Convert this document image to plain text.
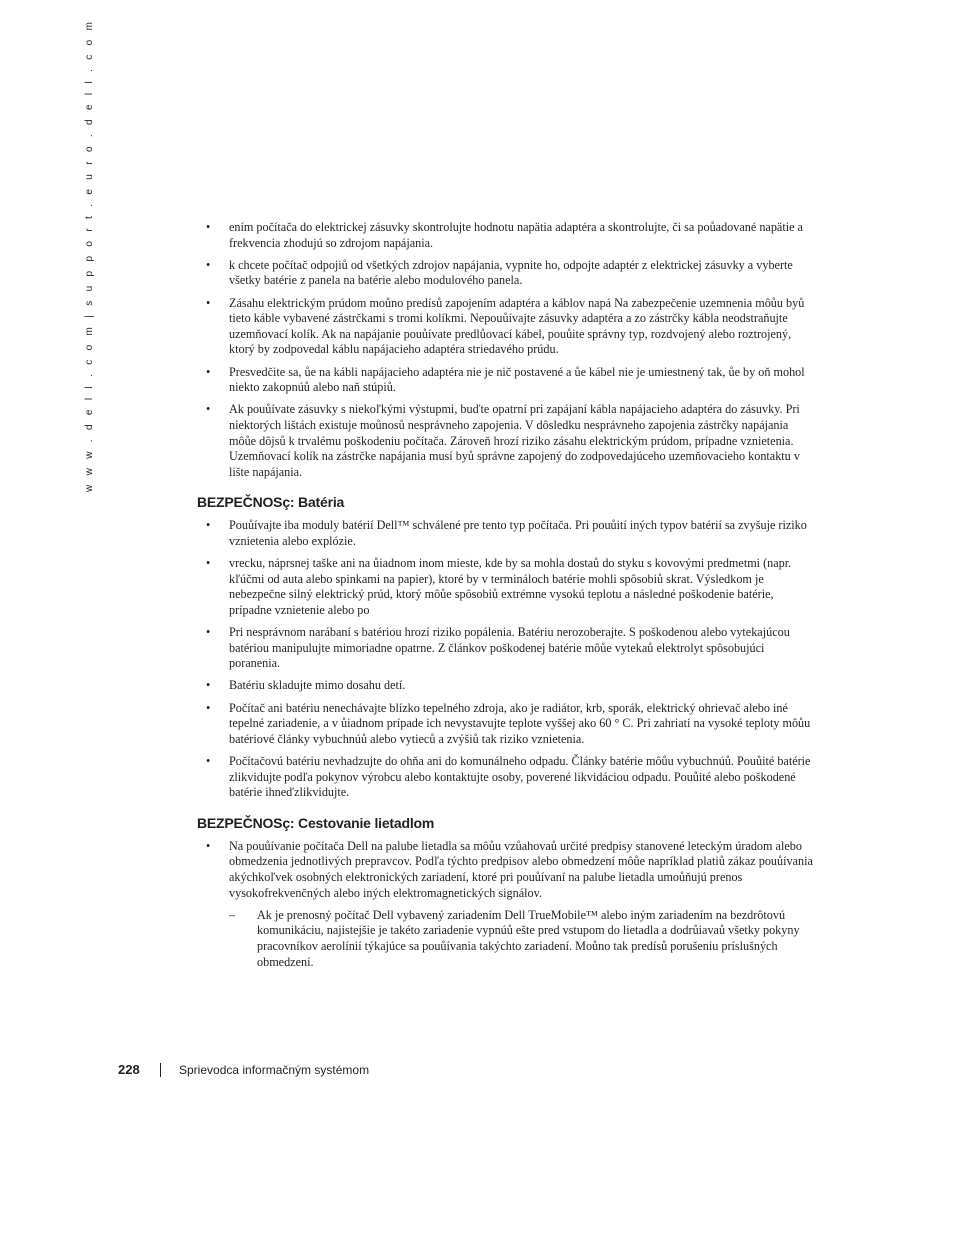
w w w . d e l l . c o m | s u p p o r t . e u r o . d e l l . c o m	• ením počítača do elektrickej zásuvky skontrolujte hodnotu napätia adaptéra a skontrolujte, či sa poůadované napätie a frekvencia zhodujú so zdrojom napájania.
• k chcete počítač odpojiů od všetkých zdrojov napájania, vypnite ho, odpojte adaptér z elektrickej zásuvky a vyberte všetky batérie z panela na batérie alebo modulového panela.
• Zásahu elektrickým prúdom moůno predísů zapojením adaptéra a káblov napá Na zabezpečenie uzemnenia môůu byů tieto káble vybavené zástrčkami s tromi kolíkmi. Nepouůívajte zásuvky adaptéra a zo zástrčky kábla neodstraňujte uzemňovací kolík. Ak na napájanie pouůívate predlůovací kábel, pouůite správny typ, rozdvojený alebo roztrojený, ktorý by zodpovedal káblu napájacieho adaptéra striedavého prúdu.
• Presvedčite sa, ůe na kábli napájacieho adaptéra nie je nič postavené a ůe kábel nie je umiestnený tak, ůe by oň mohol niekto zakopnúů alebo naň stúpiů.
• Ak pouůívate zásuvky s niekoľkými výstupmi, buďte opatrní pri zapájaní kábla napájacieho adaptéra do zásuvky. Pri niektorých lištách existuje moůnosů nesprávneho zapojenia. V dôsledku nesprávneho zapojenia zástrčky napájania môůe dôjsů k trvalému poškodeniu počítača. Zároveň hrozí riziko zásahu elektrickým prúdom, prípadne vznietenia. Uzemňovací kolík na zástrčke napájania musí byů správne zapojený do zodpovedajúceho uzemňovacieho kontaktu v lište napájania.
BEZPEČNOSç: Batéria
• Pouůívajte iba moduly batérií Dell™ schválené pre tento typ počítača. Pri pouůití iných typov batérií sa zvyšuje riziko vznietenia alebo explózie.
• vrecku, náprsnej taške ani na ůiadnom inom mieste, kde by sa mohla dostaů do styku s kovovými predmetmi (napr. kľúčmi od auta alebo spinkami na papier), ktoré by v termináloch batérie mohli spôsobiů skrat. Výsledkom je nebezpečne silný elektrický prúd, ktorý môůe spôsobiů extrémne vysokú teplotu a následné poškodenie batérie, prípadne vznietenie alebo po
• Pri nesprávnom narábaní s batériou hrozí riziko popálenia. Batériu nerozoberajte. S poškodenou alebo vytekajúcou batériou manipulujte mimoriadne opatrne. Z článkov poškodenej batérie môůe vytekaů elektrolyt spôsobujúci poranenia.
• Batériu skladujte mimo dosahu detí.
• Počítač ani batériu nenechávajte blízko tepelného zdroja, ako je radiátor, krb, sporák, elektrický ohrievač alebo iné tepelné zariadenie, a v ůiadnom prípade ich nevystavujte teplote vyššej ako 60 ° C. Pri zahriatí na vysoké teploty môůu batériové články vybuchnúů alebo vytieců a zvýšiů tak riziko vznietenia.
• Počítačovú batériu nevhadzujte do ohňa ani do komunálneho odpadu. Články batérie môůu vybuchnúů. Pouůité batérie zlikvidujte podľa pokynov výrobcu alebo kontaktujte osoby, poverené likvidáciou odpadu. Pouůité alebo poškodené batérie ihneďzlikvidujte.
BEZPEČNOSç: Cestovanie lietadlom
• Na pouůívanie počítača Dell na palube lietadla sa môůu vzůahovaů určité predpisy stanovené leteckým úradom alebo obmedzenia jednotlivých prepravcov. Podľa týchto predpisov alebo obmedzení môůe napríklad platiů zákaz pouůívania akýchkoľvek osobných elektronických zariadení, ktoré pri pouůívaní na palube lietadla umoůňujú prenos vysokofrekvenčných alebo iných elektromagnetických signálov.
– Ak je prenosný počítač Dell vybavený zariadením Dell TrueMobile™ alebo iným zariadením na bezdrôtovú komunikáciu, najistejšie je takéto zariadenie vypnúů ešte pred vstupom do lietadla a dodrůiavaů všetky pokyny pracovníkov aerolínií týkajúce sa pouůívania takýchto zariadení. Moůno tak predísů porušeniu príslušných obmedzení.
228	Sprievodca informačným systémom
